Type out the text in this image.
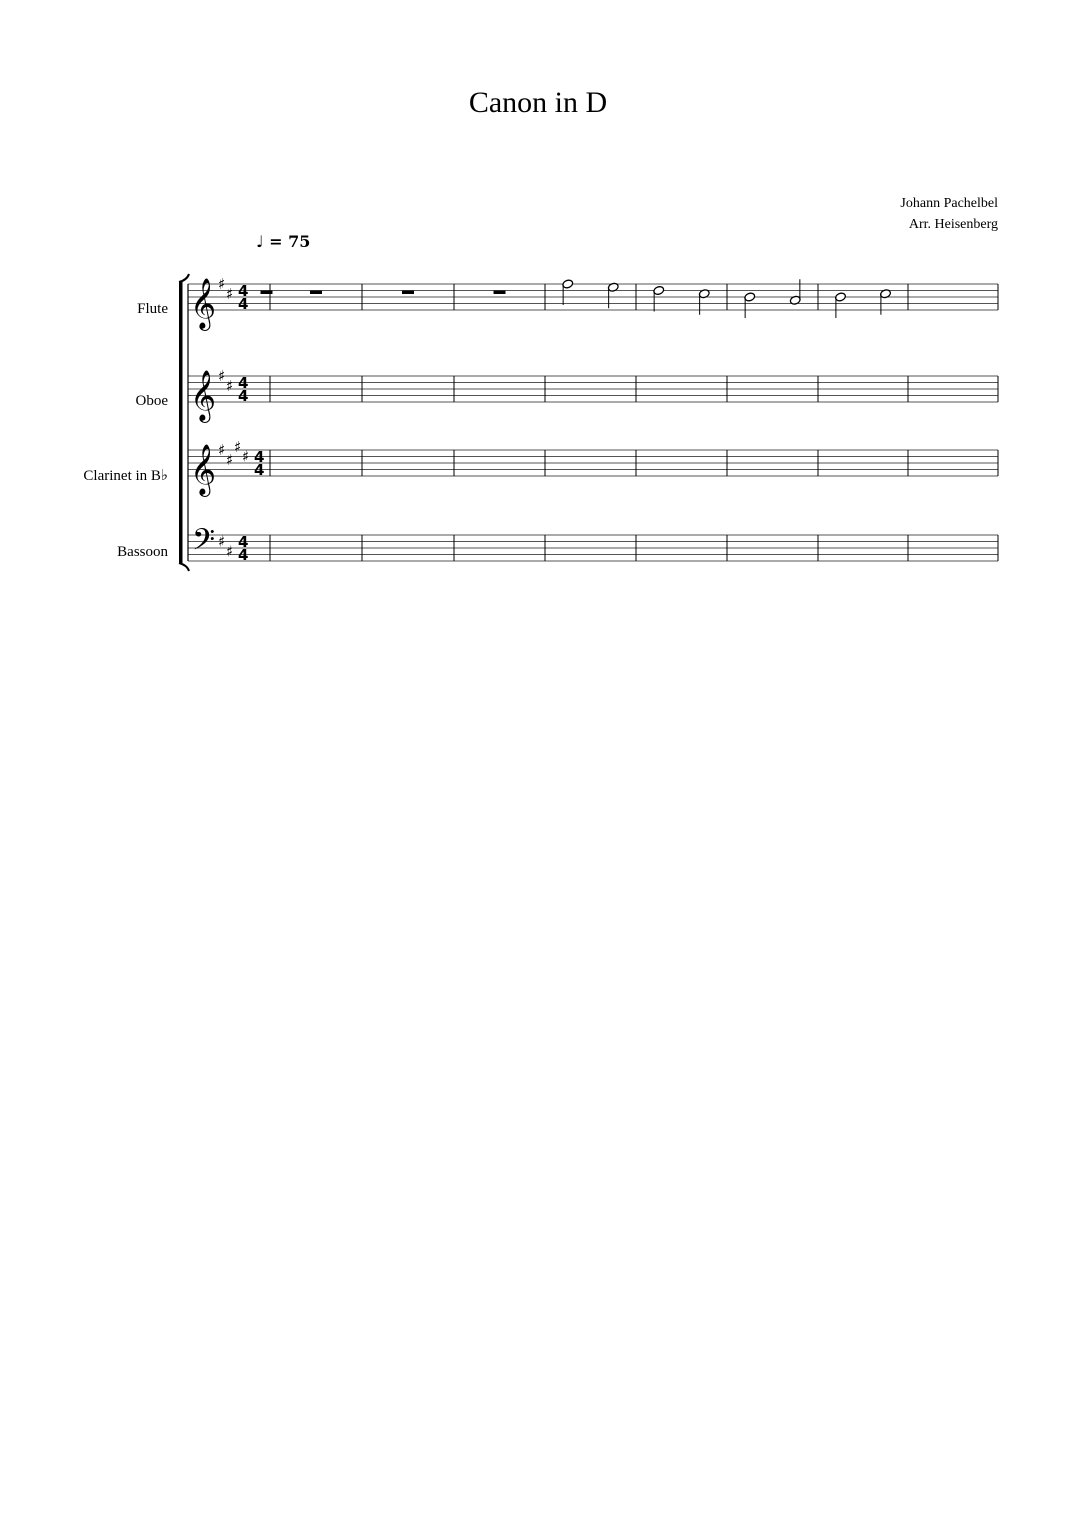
Canon in D
Johann Pachelbel
Arr. Heisenberg
♩ = 75
Flute
Oboe
Clarinet in B♭
Bassoon
𝄞 ♯
♯ 4
4
𝄞 ♯
♯ 4
4
𝄞 ♯
♯
♯
♯ 4
4
𝄢 ♯
♯
4
4
